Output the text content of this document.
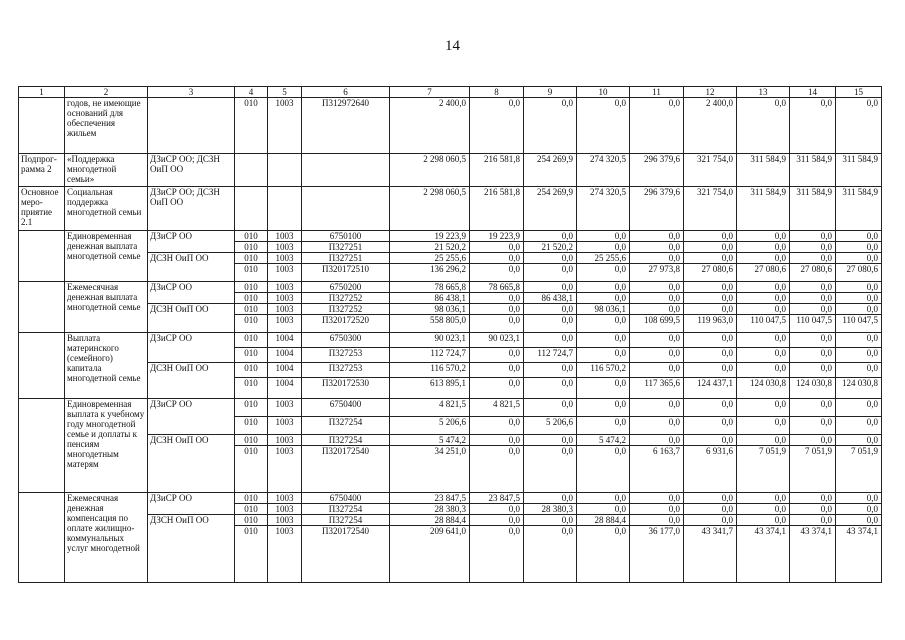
14
1	2	3	4	5	6	7	8	9	10	11	12	13	14	15
	годов, не имеющие оснований для обеспечения жильем		010	1003	П312972640	2 400,0	0,0	0,0	0,0	0,0	2 400,0	0,0	0,0	0,0
Подпрог-рамма 2	«Поддержка многодетной семьи»	ДЗиСР ОО; ДСЗН ОиП ОО				2 298 060,5	216 581,8	254 269,9	274 320,5	296 379,6	321 754,0	311 584,9	311 584,9	311 584,9
Основное меро-приятие 2.1	Социальная поддержка многодетной семьи	ДЗиСР ОО; ДСЗН ОиП ОО				2 298 060,5	216 581,8	254 269,9	274 320,5	296 379,6	321 754,0	311 584,9	311 584,9	311 584,9
	Единовременная денежная выплата многодетной семье	ДЗиСР ОО	010	1003	6750100	19 223,9	19 223,9	0,0	0,0	0,0	0,0	0,0	0,0	0,0
			010	1003	П327251	21 520,2	0,0	21 520,2	0,0	0,0	0,0	0,0	0,0	0,0
		ДСЗН ОиП ОО	010	1003	П327251	25 255,6	0,0	0,0	25 255,6	0,0	0,0	0,0	0,0	0,0
			010	1003	П320172510	136 296,2	0,0	0,0	0,0	27 973,8	27 080,6	27 080,6	27 080,6	27 080,6
	Ежемесячная денежная выплата многодетной семье	ДЗиСР ОО	010	1003	6750200	78 665,8	78 665,8	0,0	0,0	0,0	0,0	0,0	0,0	0,0
			010	1003	П327252	86 438,1	0,0	86 438,1	0,0	0,0	0,0	0,0	0,0	0,0
		ДСЗН ОиП ОО	010	1003	П327252	98 036,1	0,0	0,0	98 036,1	0,0	0,0	0,0	0,0	0,0
			010	1003	П320172520	558 805,0	0,0	0,0	0,0	108 699,5	119 963,0	110 047,5	110 047,5	110 047,5
	Выплата материнского (семейного) капитала многодетной семье	ДЗиСР ОО	010	1004	6750300	90 023,1	90 023,1	0,0	0,0	0,0	0,0	0,0	0,0	0,0
			010	1004	П327253	112 724,7	0,0	112 724,7	0,0	0,0	0,0	0,0	0,0	0,0
		ДСЗН ОиП ОО	010	1004	П327253	116 570,2	0,0	0,0	116 570,2	0,0	0,0	0,0	0,0	0,0
			010	1004	П320172530	613 895,1	0,0	0,0	0,0	117 365,6	124 437,1	124 030,8	124 030,8	124 030,8
	Единовременная выплата к учебному году многодетной семье и доплаты к пенсиям многодетным матерям	ДЗиСР ОО	010	1003	6750400	4 821,5	4 821,5	0,0	0,0	0,0	0,0	0,0	0,0	0,0
			010	1003	П327254	5 206,6	0,0	5 206,6	0,0	0,0	0,0	0,0	0,0	0,0
		ДСЗН ОиП ОО	010	1003	П327254	5 474,2	0,0	0,0	5 474,2	0,0	0,0	0,0	0,0	0,0
			010	1003	П320172540	34 251,0	0,0	0,0	0,0	6 163,7	6 931,6	7 051,9	7 051,9	7 051,9
	Ежемесячная денежная компенсация по оплате жилищно-коммунальных услуг многодетной	ДЗиСР ОО	010	1003	6750400	23 847,5	23 847,5	0,0	0,0	0,0	0,0	0,0	0,0	0,0
			010	1003	П327254	28 380,3	0,0	28 380,3	0,0	0,0	0,0	0,0	0,0	0,0
		ДЗСН ОиП ОО	010	1003	П327254	28 884,4	0,0	0,0	28 884,4	0,0	0,0	0,0	0,0	0,0
			010	1003	П320172540	209 641,0	0,0	0,0	0,0	36 177,0	43 341,7	43 374,1	43 374,1	43 374,1
